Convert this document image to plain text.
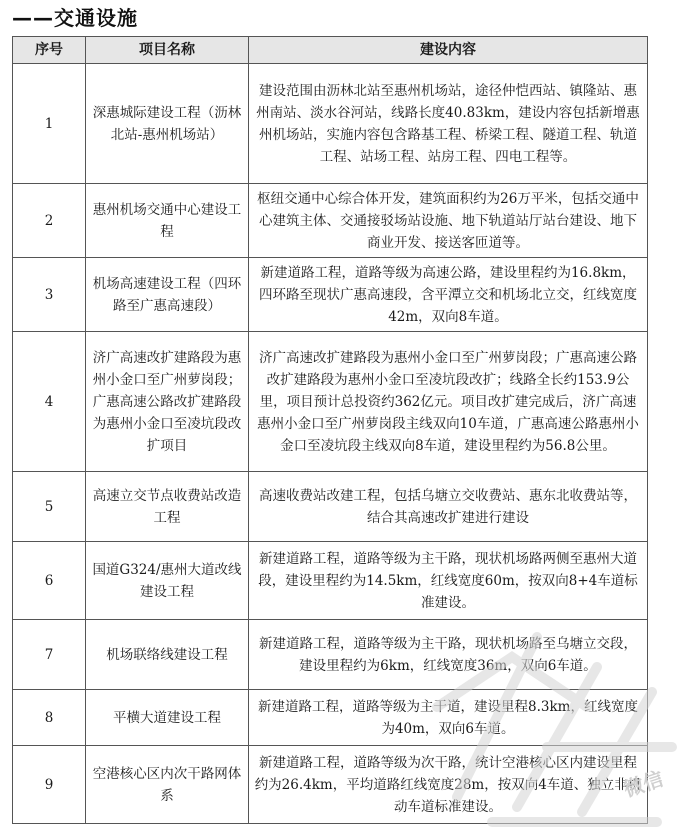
——交通设施
序号	项目名称	建设内容
1	深惠城际建设工程（沥林北站-惠州机场站）	建设范围由沥林北站至惠州机场站，途径仲恺西站、镇隆站、惠州南站、淡水谷河站，线路长度40.83km，建设内容包括新增惠州机场站，实施内容包含路基工程、桥梁工程、隧道工程、轨道工程、站场工程、站房工程、四电工程等。
2	惠州机场交通中心建设工程	枢纽交通中心综合体开发，建筑面积约为26万平米，包括交通中心建筑主体、交通接驳场站设施、地下轨道站厅站台建设、地下商业开发、接送客匝道等。
3	机场高速建设工程（四环路至广惠高速段）	新建道路工程，道路等级为高速公路，建设里程约为16.8km，四环路至现状广惠高速段，含平潭立交和机场北立交，红线宽度42m，双向8车道。
4	济广高速改扩建路段为惠州小金口至广州萝岗段；广惠高速公路改扩建路段为惠州小金口至凌坑段改扩项目	济广高速改扩建路段为惠州小金口至广州萝岗段；广惠高速公路改扩建路段为惠州小金口至凌坑段改扩；线路全长约153.9公里，项目预计总投资约362亿元。项目改扩建完成后，济广高速惠州小金口至广州萝岗段主线双向10车道，广惠高速公路惠州小金口至凌坑段主线双向8车道，建设里程约为56.8公里。
5	高速立交节点收费站改造工程	高速收费站改建工程，包括乌塘立交收费站、惠东北收费站等，结合其高速改扩建进行建设
6	国道G324/惠州大道改线建设工程	新建道路工程，道路等级为主干路，现状机场路两侧至惠州大道段，建设里程约为14.5km，红线宽度60m，按双向8+4车道标准建设。
7	机场联络线建设工程	新建道路工程，道路等级为主干路，现状机场路至乌塘立交段，建设里程约为6km，红线宽度36m，双向6车道。
8	平横大道建设工程	新建道路工程，道路等级为主干道，建设里程8.3km，红线宽度为40m，双向6车道。
9	空港核心区内次干路网体系	新建道路工程，道路等级为次干路，统计空港核心区内建设里程约为26.4km，平均道路红线宽度28m，按双向4车道、独立非机动车道标准建设。
微信
